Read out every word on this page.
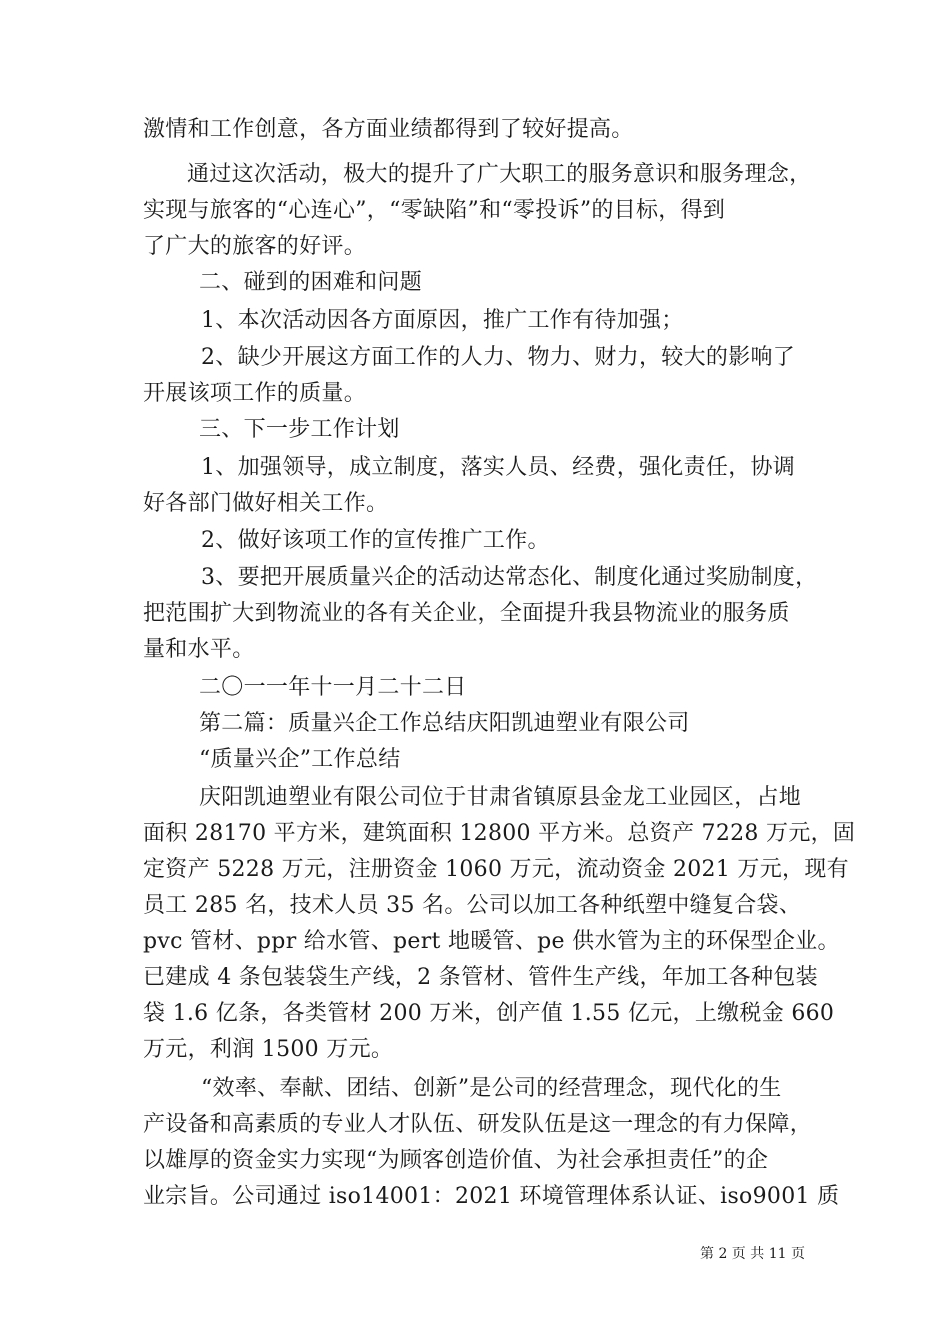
激情和工作创意，各方面业绩都得到了较好提高。
通过这次活动，极大的提升了广大职工的服务意识和服务理念，
实现与旅客的“心连心”，“零缺陷”和“零投诉”的目标，得到
了广大的旅客的好评。
二、碰到的困难和问题
1、本次活动因各方面原因，推广工作有待加强；
2、缺少开展这方面工作的人力、物力、财力，较大的影响了
开展该项工作的质量。
三、下一步工作计划
1、加强领导，成立制度，落实人员、经费，强化责任，协调
好各部门做好相关工作。
2、做好该项工作的宣传推广工作。
3、要把开展质量兴企的活动达常态化、制度化通过奖励制度，
把范围扩大到物流业的各有关企业，全面提升我县物流业的服务质
量和水平。
二〇一一年十一月二十二日
第二篇：质量兴企工作总结庆阳凯迪塑业有限公司
“质量兴企”工作总结
庆阳凯迪塑业有限公司位于甘肃省镇原县金龙工业园区，占地
面积 28170 平方米，建筑面积 12800 平方米。总资产 7228 万元，固
定资产 5228 万元，注册资金 1060 万元，流动资金 2021 万元，现有
员工 285 名，技术人员 35 名。公司以加工各种纸塑中缝复合袋、
pvc 管材、ppr 给水管、pert 地暖管、pe 供水管为主的环保型企业。
已建成 4 条包装袋生产线，2 条管材、管件生产线，年加工各种包装
袋 1.6 亿条，各类管材 200 万米，创产值 1.55 亿元，上缴税金 660
万元，利润 1500 万元。
“效率、奉献、团结、创新”是公司的经营理念，现代化的生
产设备和高素质的专业人才队伍、研发队伍是这一理念的有力保障，
以雄厚的资金实力实现“为顾客创造价值、为社会承担责任”的企
业宗旨。公司通过 iso14001：2021 环境管理体系认证、iso9001 质
第 2 页 共 11 页
